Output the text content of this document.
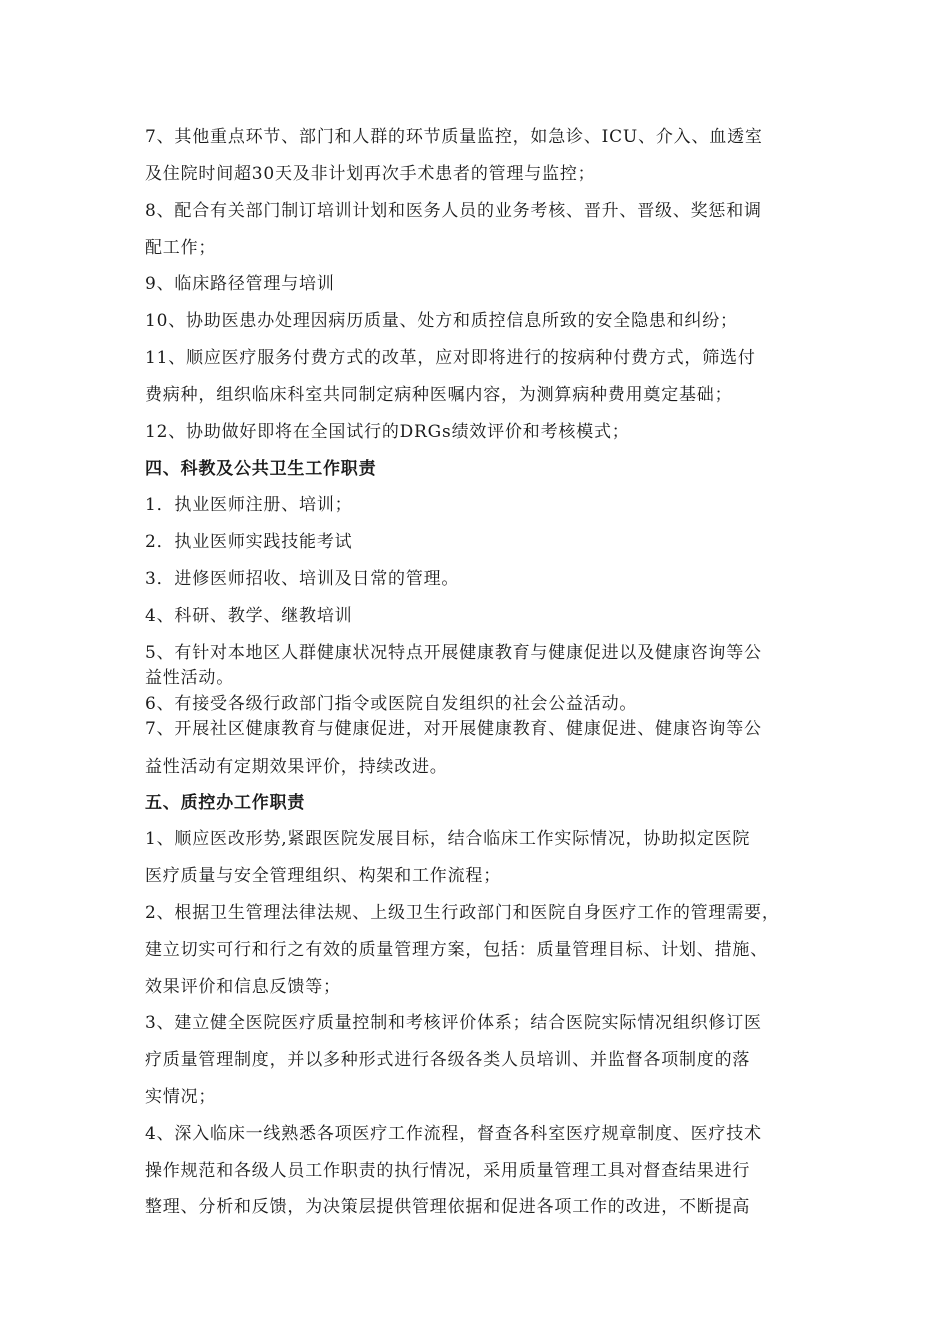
7、其他重点环节、部门和人群的环节质量监控，如急诊、ICU、介入、血透室
及住院时间超30天及非计划再次手术患者的管理与监控；
8、配合有关部门制订培训计划和医务人员的业务考核、晋升、晋级、奖惩和调
配工作；
9、临床路径管理与培训
10、协助医患办处理因病历质量、处方和质控信息所致的安全隐患和纠纷；
11、顺应医疗服务付费方式的改革，应对即将进行的按病种付费方式，筛选付
费病种，组织临床科室共同制定病种医嘱内容，为测算病种费用奠定基础；
12、协助做好即将在全国试行的DRGs绩效评价和考核模式；
四、科教及公共卫生工作职责
1．执业医师注册、培训；
2．执业医师实践技能考试
3．进修医师招收、培训及日常的管理。
4、科研、教学、继教培训
5、有针对本地区人群健康状况特点开展健康教育与健康促进以及健康咨询等公
益性活动。
6、有接受各级行政部门指令或医院自发组织的社会公益活动。
7、开展社区健康教育与健康促进，对开展健康教育、健康促进、健康咨询等公
益性活动有定期效果评价，持续改进。
五、质控办工作职责
1、顺应医改形势,紧跟医院发展目标，结合临床工作实际情况，协助拟定医院
医疗质量与安全管理组织、构架和工作流程；
2、根据卫生管理法律法规、上级卫生行政部门和医院自身医疗工作的管理需要，
建立切实可行和行之有效的质量管理方案，包括：质量管理目标、计划、措施、
效果评价和信息反馈等；
3、建立健全医院医疗质量控制和考核评价体系；结合医院实际情况组织修订医
疗质量管理制度，并以多种形式进行各级各类人员培训、并监督各项制度的落
实情况；
4、深入临床一线熟悉各项医疗工作流程，督查各科室医疗规章制度、医疗技术
操作规范和各级人员工作职责的执行情况，采用质量管理工具对督查结果进行
整理、分析和反馈，为决策层提供管理依据和促进各项工作的改进，不断提高
